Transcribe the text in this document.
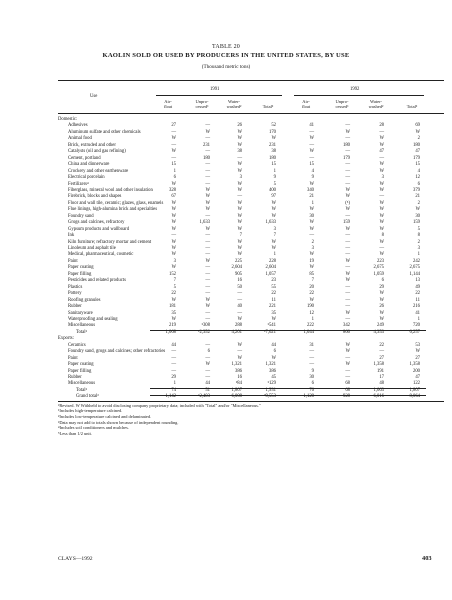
TABLE 20
KAOLIN SOLD OR USED BY PRODUCERS IN THE UNITED STATES, BY USE
(Thousand metric tons)
Use
1991	1992
Air-
float
Unpro-
cessed¹
Water-
washed²	Total³
Air-
float
Unpro-
cessed¹
Water-
washed²	Total³
Domestic:
Adhesives	27	—	26	52	41	—	28	69
Aluminum sulfate and other chemicals	—	W	W	170	—	W	—	W
Animal food	W	—	W	W	W	—	W	2
Brick, extruded and other	—	231	W	231	—	180	W	180
Catalysts (oil and gas refining)	W	—	38	38	W	—	47	47
Cement, portland	—	180	—	180	—	179	—	179
China and dinnerware	15	—	W	15	15	—	W	15
Crockery and other earthenware	1	—	W	1	4	—	W	4
Electrical porcelain	6	—	3	9	9	—	3	12
Fertilizers⁴	W	—	W	5	W	—	W	6
Fiberglass, mineral wool and other insulation	328	W	W	400	340	W	W	379
Firebrick, blocks and shapes	67	W	—	97	21	W	—	21
Floor and wall tile, ceramic; glazes, glass, enamels	W	W	W	W	1	(⁵)	W	2
Flue linings, high-alumina brick and specialties	W	W	W	W	W	W	W	W
Foundry sand	W	—	W	W	30	—	W	30
Grogs and calcines, refractory	W	1,633	W	1,633	W	159	W	159
Gypsum products and wallboard	W	W	W	3	W	W	W	5
Ink	—	—	7	7	—	—	8	8
Kiln furniture; refractory mortar and cement	W	—	W	W	2	—	W	2
Linoleum and asphalt tile	W	—	W	W	3	—	—	3
Medical, pharmaceutical, cosmetic	W	—	W	1	W	—	W	1
Paint	3	W	225	228	19	W	223	242
Paper coating	W	—	2,604	2,604	W	—	2,675	2,675
Paper filling	152	—	905	1,057	85	W	1,059	1,144
Pesticides and related products	7	—	16	23	7	W	6	13
Plastics	5	—	50	55	20	—	29	49
Pottery	22	—	—	22	22	—	W	22
Roofing granules	W	W	—	11	W	—	W	11
Rubber	181	W	40	221	190	—	26	216
Sanitaryware	35	—	—	35	12	W	W	41
Waterproofing and sealing	W	—	W	W	1	—	W	1
Miscellaneous	219	³308	288	³541	222	342	249	720
Total³	1,068	³2,352	4,201	³7,621	1,044	860	4,353	6,257
Exports:
Ceramics	44	—	W	44	31	W	22	53
Foundry sand, grogs and calcines; other refractories	—	6	—	6	—	W	—	W
Paint	—	—	W	W	—	—	27	27
Paper coating	—	W	1,321	1,321	—	W	1,358	1,358
Paper filling	—	—	386	386	9	—	191	200
Rubber	29	—	16	45	30	—	17	47
Miscellaneous	1	44	³84	³129	6	68	48	122
Total³	74	51	1,807	1,931	76	68	1,663	1,807
Grand total³	1,142	³2,403	6,008	³9,553	1,120	928	6,016	8,064
³Revised. W Withheld to avoid disclosing company proprietary data; included with "Total" and/or "Miscellaneous."
¹Includes high-temperature calcined.
²Includes low-temperature calcined and delaminated.
³Data may not add to totals shown because of independent rounding.
⁴Includes soil conditioners and mulches.
⁵Less than 1/2 unit.
CLAYS—1992	403
